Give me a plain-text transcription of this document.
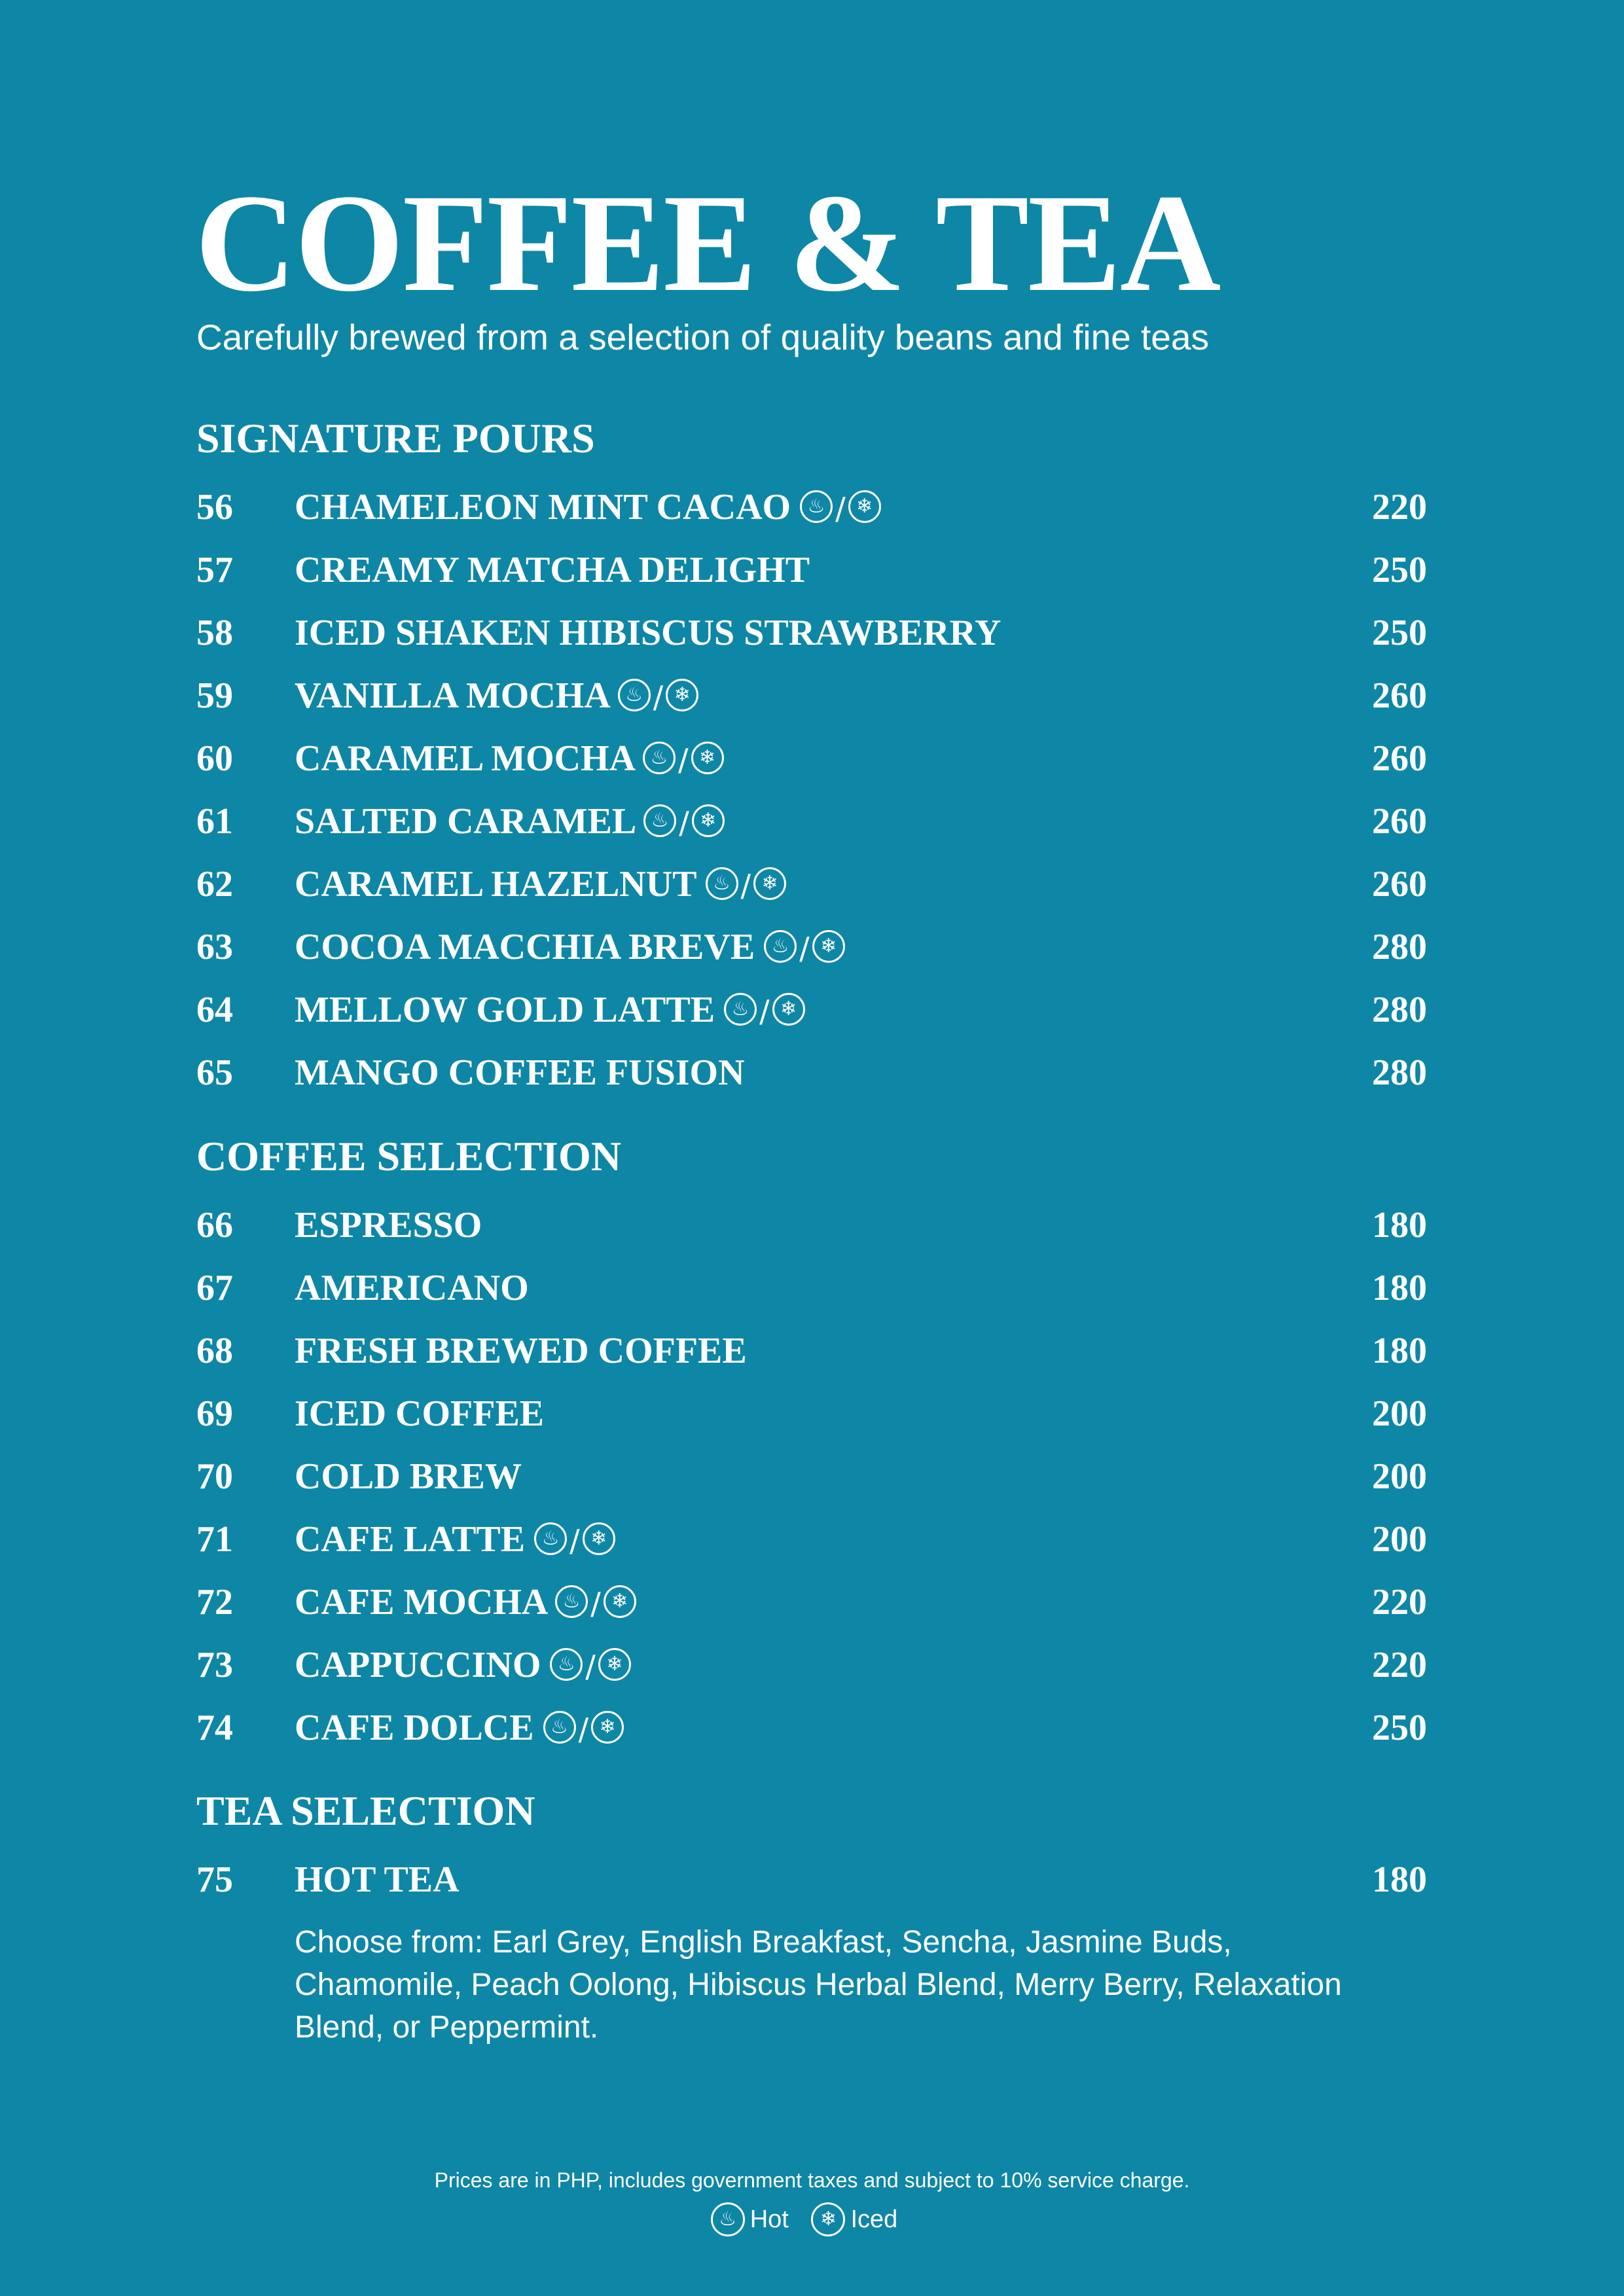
COFFEE & TEA

Carefully brewed from a selection of quality beans and fine teas

SIGNATURE POURS
56 CHAMELEON MINT CACAO ♨ / ❄	220
57 CREAMY MATCHA DELIGHT	250
58 ICED SHAKEN HIBISCUS STRAWBERRY	250
59 VANILLA MOCHA ♨ / ❄	260
60 CARAMEL MOCHA ♨ / ❄	260
61 SALTED CARAMEL ♨ / ❄	260
62 CARAMEL HAZELNUT ♨ / ❄	260
63 COCOA MACCHIA BREVE ♨ / ❄	280
64 MELLOW GOLD LATTE ♨ / ❄	280
65 MANGO COFFEE FUSION	280
COFFEE SELECTION
66 ESPRESSO	180
67 AMERICANO	180
68 FRESH BREWED COFFEE	180
69 ICED COFFEE	200
70 COLD BREW	200
71 CAFE LATTE ♨ / ❄	200
72 CAFE MOCHA ♨ / ❄	220
73 CAPPUCCINO ♨ / ❄	220
74 CAFE DOLCE ♨ / ❄	250
TEA SELECTION
75 HOT TEA	180

Choose from: Earl Grey, English Breakfast, Sencha, Jasmine Buds, Chamomile, Peach Oolong, Hibiscus Herbal Blend, Merry Berry, Relaxation Blend, or Peppermint.

Prices are in PHP, includes government taxes and subject to 10% service charge.

♨ Hot ❄ Iced
